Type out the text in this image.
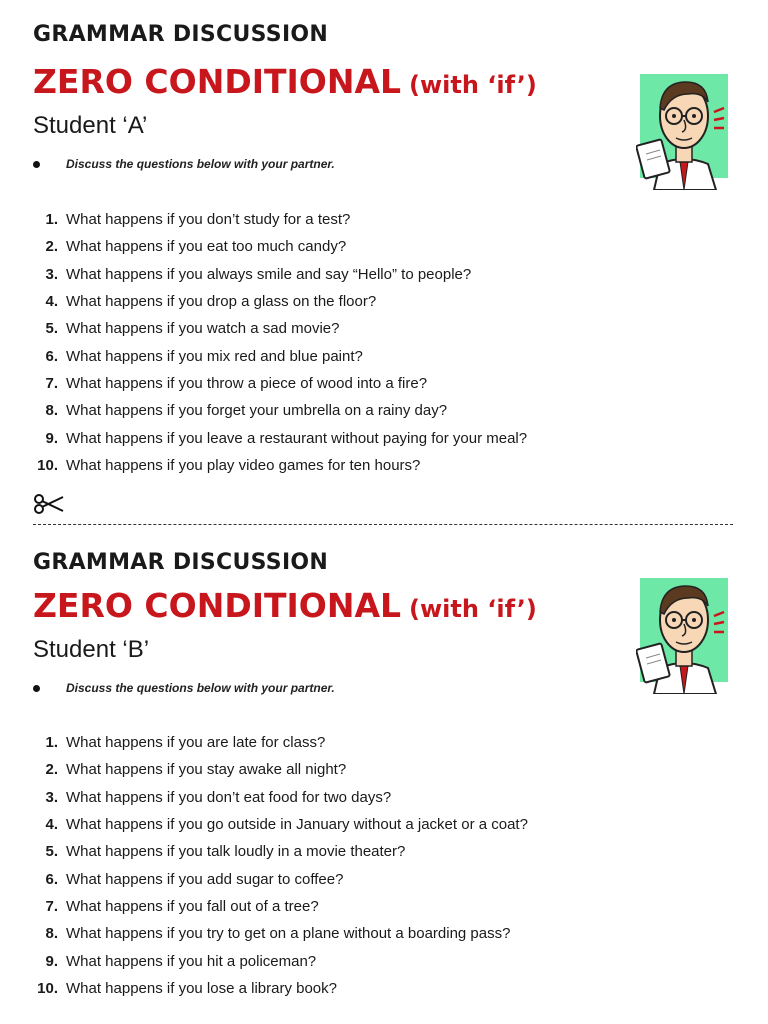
GRAMMAR DISCUSSION
ZERO CONDITIONAL (with ‘if’)
Student ‘A’
Discuss the questions below with your partner.
1. What happens if you don’t study for a test?
2. What happens if you eat too much candy?
3. What happens if you always smile and say “Hello” to people?
4. What happens if you drop a glass on the floor?
5. What happens if you watch a sad movie?
6. What happens if you mix red and blue paint?
7. What happens if you throw a piece of wood into a fire?
8. What happens if you forget your umbrella on a rainy day?
9. What happens if you leave a restaurant without paying for your meal?
10. What happens if you play video games for ten hours?
GRAMMAR DISCUSSION
ZERO CONDITIONAL (with ‘if’)
Student ‘B’
Discuss the questions below with your partner.
1. What happens if you are late for class?
2. What happens if you stay awake all night?
3. What happens if you don’t eat food for two days?
4. What happens if you go outside in January without a jacket or a coat?
5. What happens if you talk loudly in a movie theater?
6. What happens if you add sugar to coffee?
7. What happens if you fall out of a tree?
8. What happens if you try to get on a plane without a boarding pass?
9. What happens if you hit a policeman?
10. What happens if you lose a library book?
